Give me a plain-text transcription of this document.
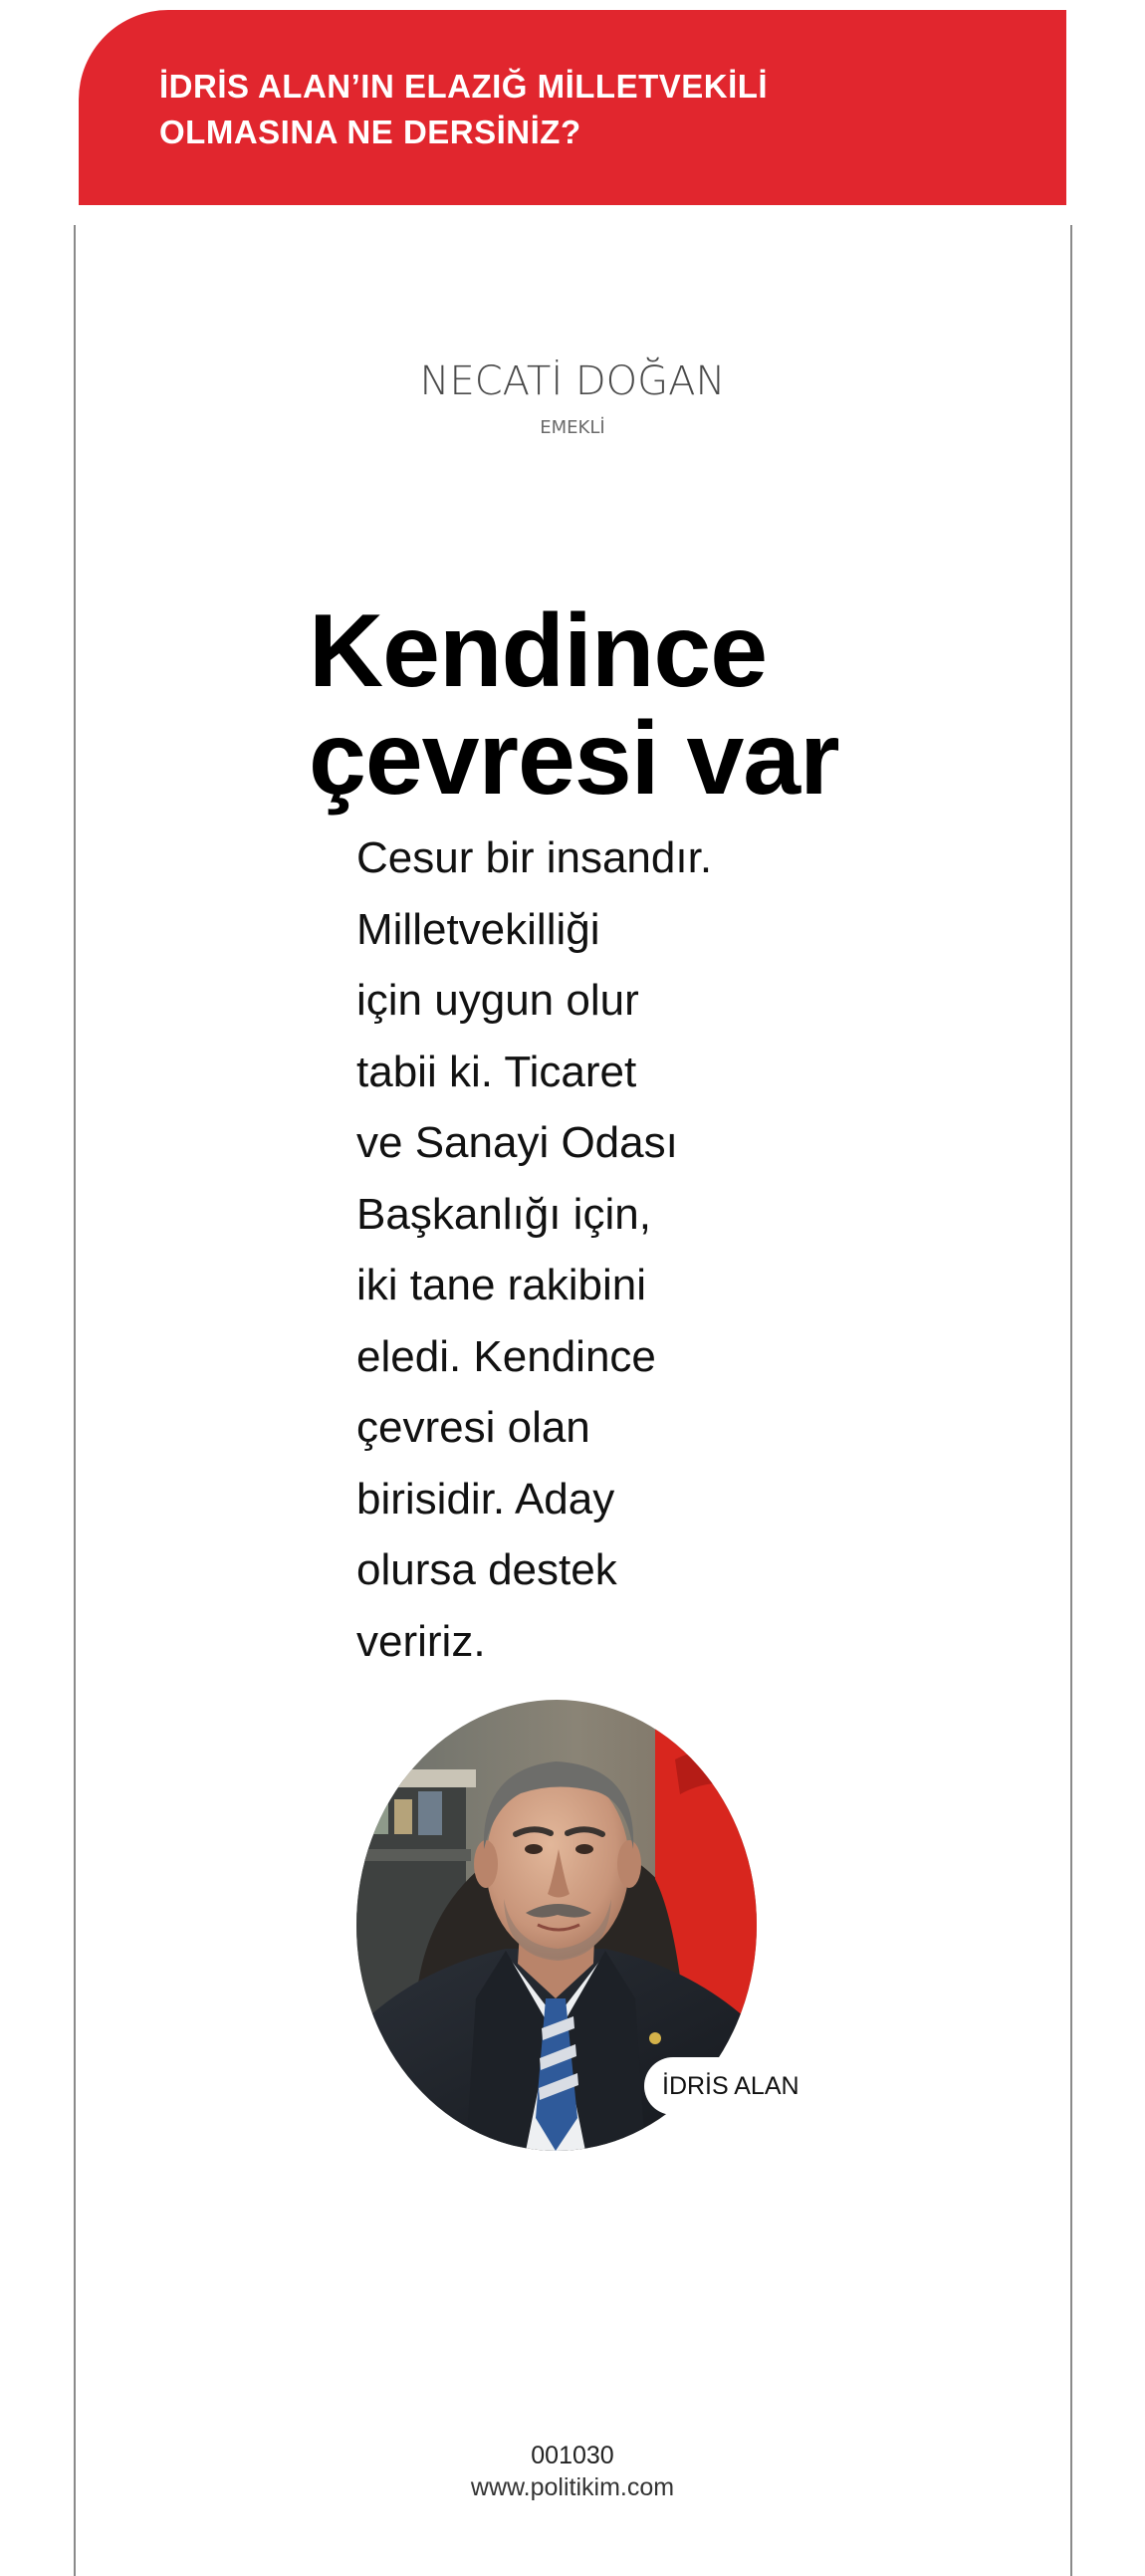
İDRİS ALAN’IN ELAZIĞ MİLLETVEKİLİ
OLMASINA NE DERSİNİZ?
NECATİ DOĞAN
EMEKLİ
Kendince
çevresi var
Cesur bir insandır.
Milletvekilliği
için uygun olur
tabii ki. Ticaret
ve Sanayi Odası
Başkanlığı için,
iki tane rakibini
eledi. Kendince
çevresi olan
birisidir. Aday
olursa destek
veririz.
İDRİS ALAN
001030
www.politikim.com
